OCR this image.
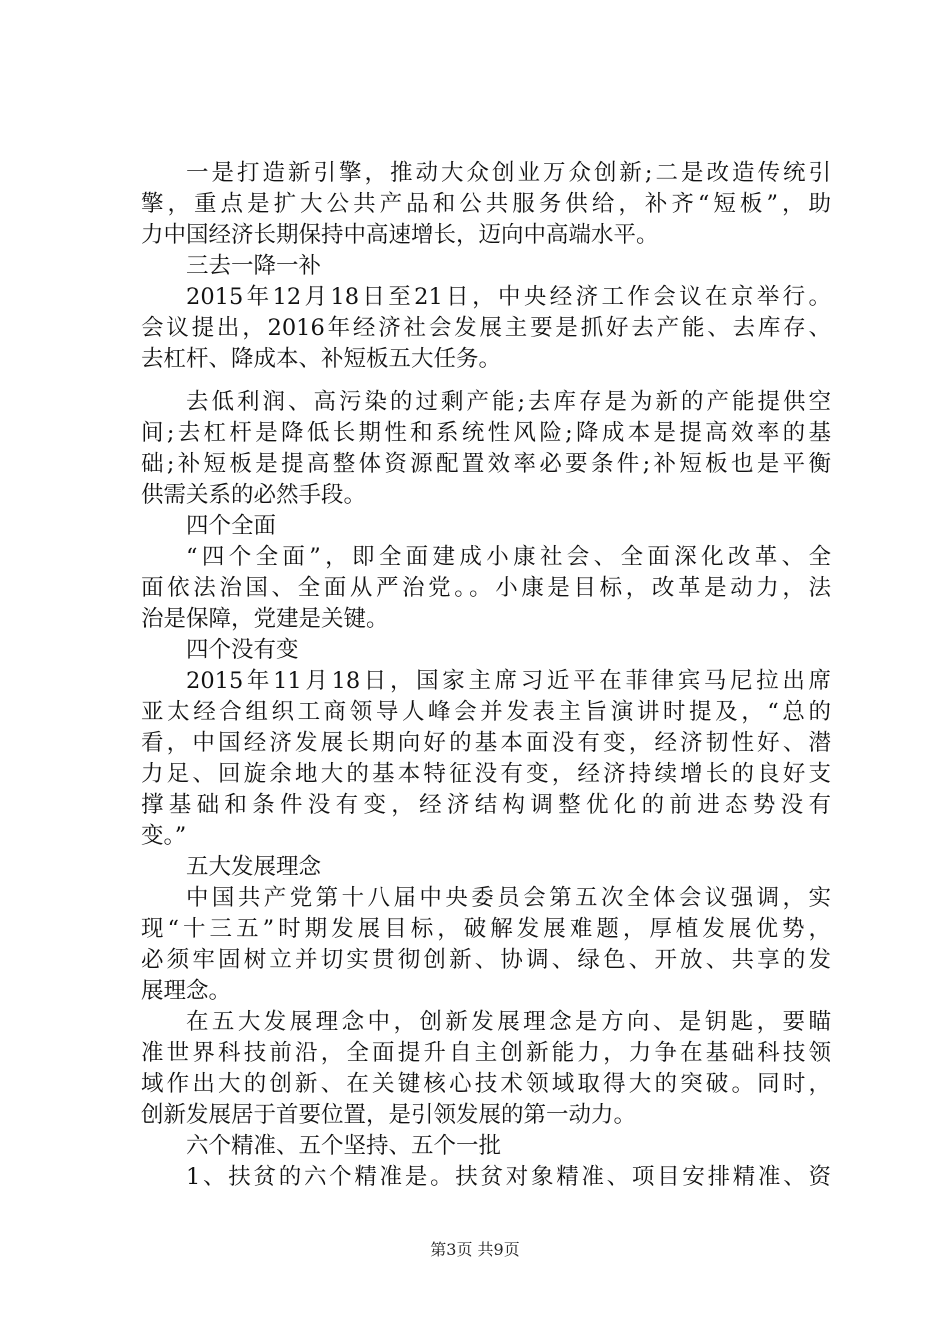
一是打造新引擎，推动大众创业万众创新;二是改造传统引
擎，重点是扩大公共产品和公共服务供给，补齐“短板”，助
力中国经济长期保持中高速增长，迈向中高端水平。
三去一降一补
2015年12月18日至21日，中央经济工作会议在京举行。
会议提出，2016年经济社会发展主要是抓好去产能、去库存、
去杠杆、降成本、补短板五大任务。
去低利润、高污染的过剩产能;去库存是为新的产能提供空
间;去杠杆是降低长期性和系统性风险;降成本是提高效率的基
础;补短板是提高整体资源配置效率必要条件;补短板也是平衡
供需关系的必然手段。
四个全面
“四个全面”，即全面建成小康社会、全面深化改革、全
面依法治国、全面从严治党。。小康是目标，改革是动力，法
治是保障，党建是关键。
四个没有变
2015年11月18日，国家主席习近平在菲律宾马尼拉出席
亚太经合组织工商领导人峰会并发表主旨演讲时提及，“总的
看，中国经济发展长期向好的基本面没有变，经济韧性好、潜
力足、回旋余地大的基本特征没有变，经济持续增长的良好支
撑基础和条件没有变，经济结构调整优化的前进态势没有
变。”
五大发展理念
中国共产党第十八届中央委员会第五次全体会议强调，实
现“十三五”时期发展目标，破解发展难题，厚植发展优势，
必须牢固树立并切实贯彻创新、协调、绿色、开放、共享的发
展理念。
在五大发展理念中，创新发展理念是方向、是钥匙，要瞄
准世界科技前沿，全面提升自主创新能力，力争在基础科技领
域作出大的创新、在关键核心技术领域取得大的突破。同时，
创新发展居于首要位置，是引领发展的第一动力。
六个精准、五个坚持、五个一批
1、扶贫的六个精准是。扶贫对象精准、项目安排精准、资
第3页 共9页
